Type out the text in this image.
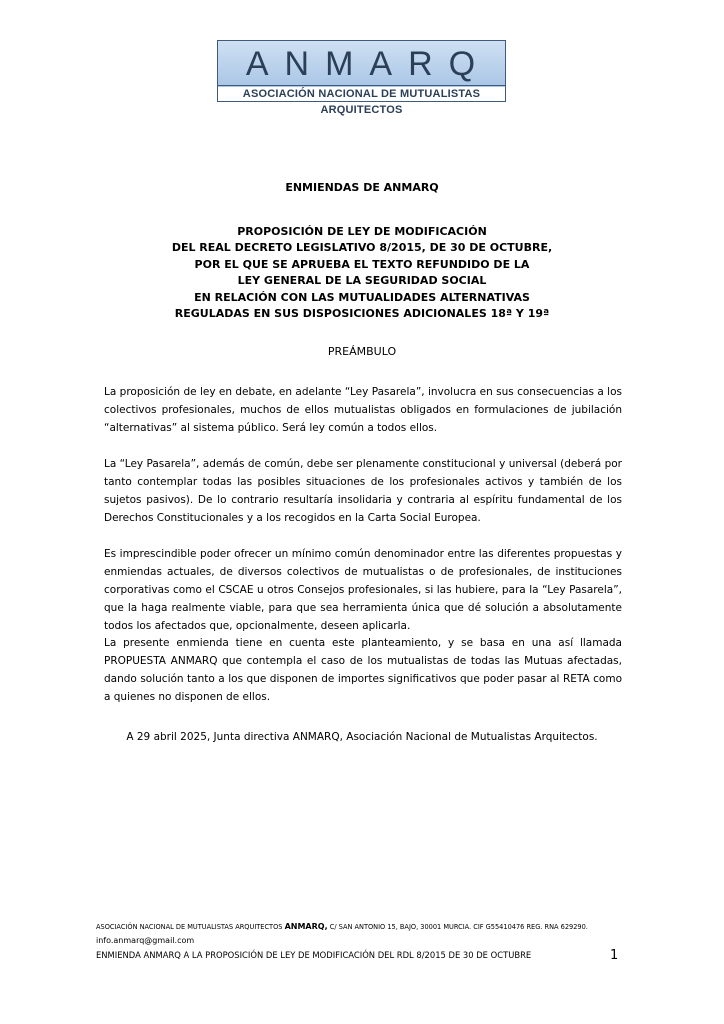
ANMARQ
ASOCIACIÓN NACIONAL DE MUTUALISTAS ARQUITECTOS
ENMIENDAS DE ANMARQ
PROPOSICIÓN DE LEY DE MODIFICACIÓN
DEL REAL DECRETO LEGISLATIVO 8/2015, DE 30 DE OCTUBRE,
POR EL QUE SE APRUEBA EL TEXTO REFUNDIDO DE LA
LEY GENERAL DE LA SEGURIDAD SOCIAL
EN RELACIÓN CON LAS MUTUALIDADES ALTERNATIVAS
REGULADAS EN SUS DISPOSICIONES ADICIONALES 18ª Y 19ª
PREÁMBULO

La proposición de ley en debate, en adelante “Ley Pasarela”, involucra en sus consecuencias a los colectivos profesionales, muchos de ellos mutualistas obligados en formulaciones de jubilación “alternativas” al sistema público. Será ley común a todos ellos.

La “Ley Pasarela”, además de común, debe ser plenamente constitucional y universal (deberá por tanto contemplar todas las posibles situaciones de los profesionales activos y también de los sujetos pasivos). De lo contrario resultaría insolidaria y contraria al espíritu fundamental de los Derechos Constitucionales y a los recogidos en la Carta Social Europea.

Es imprescindible poder ofrecer un mínimo común denominador entre las diferentes propuestas y enmiendas actuales, de diversos colectivos de mutualistas o de profesionales, de instituciones corporativas como el CSCAE u otros Consejos profesionales, si las hubiere, para la “Ley Pasarela”, que la haga realmente viable, para que sea herramienta única que dé solución a absolutamente todos los afectados que, opcionalmente, deseen aplicarla.

La presente enmienda tiene en cuenta este planteamiento, y se basa en una así llamada PROPUESTA ANMARQ que contempla el caso de los mutualistas de todas las Mutuas afectadas, dando solución tanto a los que disponen de importes significativos que poder pasar al RETA como a quienes no disponen de ellos.

A 29 abril 2025, Junta directiva ANMARQ, Asociación Nacional de Mutualistas Arquitectos.
ASOCIACIÓN NACIONAL DE MUTUALISTAS ARQUITECTOS ANMARQ, C/ SAN ANTONIO 15, BAJO, 30001 MURCIA. CIF G55410476 REG. RNA 629290.
info.anmarq@gmail.com
ENMIENDA ANMARQ A LA PROPOSICIÓN DE LEY DE MODIFICACIÓN DEL RDL 8/2015 DE 30 DE OCTUBRE	1
